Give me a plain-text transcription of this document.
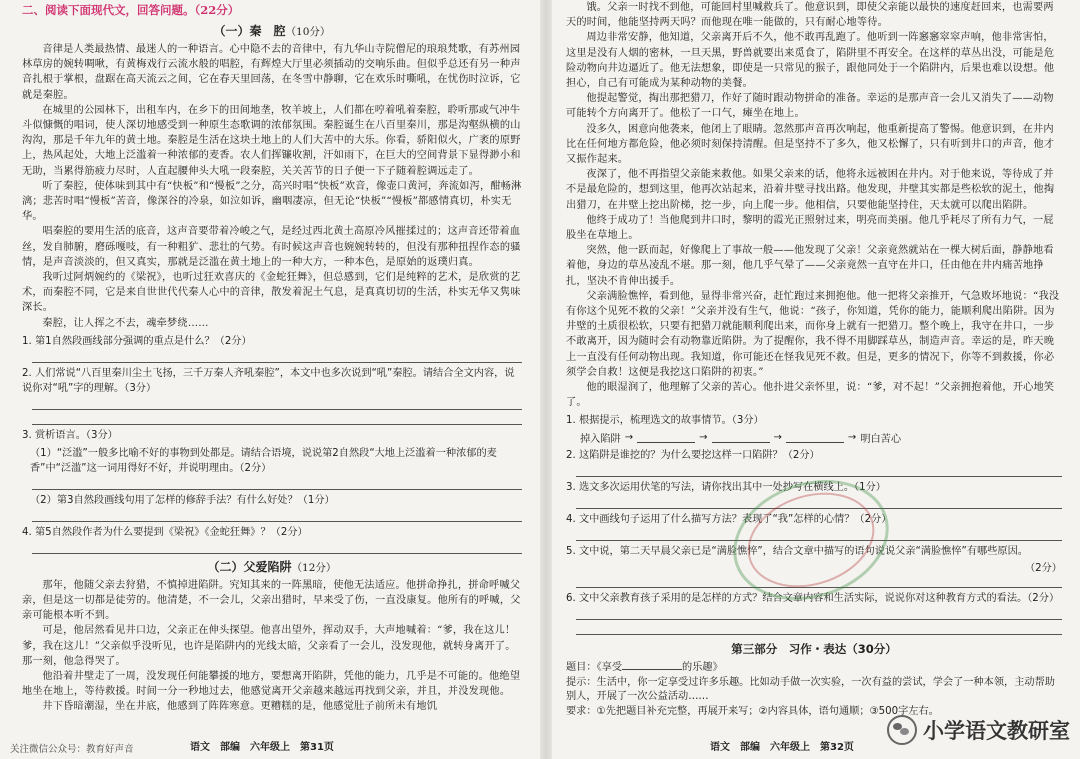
二、阅读下面现代文，回答问题。（22分）
（一）秦　腔（10分）

音律是人类最热情、最迷人的一种语言。心中隐不去的音律中，有九华山寺院僧尼的琅琅梵歌，有苏州园林草房的婉转啁啾，有黄梅戏行云流水般的唱腔，有辉煌大厅里必须插动的交响乐曲。但似乎总还有另一种声音扎根于掌根，盘踞在高天流云之间，它在春天里回荡，在冬雪中静聊，它在欢乐时嘶吼，在忧伤时泣诉，它就是秦腔。

在城里的公园林下，出租车内，在乡下的田间地垄，牧羊坡上，人们都在哼着吼着秦腔，聆听那或气冲牛斗似慷慨的唱词，使人深切地感受到一种原生态歌调的浓郁氛围。秦腔诞生在八百里秦川，那是沟壑纵横的山沟沟，那是千年九年的黄土地。秦腔是生活在这块土地上的人们大苦中的大乐。你看，骄阳似火，广袤的原野上，热风起处，大地上泛滥着一种浓郁的麦香。农人们挥镰收割，汗如雨下，在巨大的空间背景下显得渺小和无助，当累得筋疲力尽时，人直起腰伸头大吼一段秦腔，关关苦节的日子便一下子随着腔调远走了。

听了秦腔，使体味到其中有“快板”和“慢板”之分，高兴时唱“快板”欢音，像壶口黄河，奔流如泻，酣畅淋漓；悲苦时唱“慢板”苦音，像深谷的冷泉，如泣如诉，幽咽凄凉，但无论“快板”“慢板”都感情真切，朴实无华。

唱秦腔的要用生活的底音，这声音要带着冷峻之气，是经过西北黄土高原冷风摧揉过的；这声音还带着血丝，发自肺腑，磨砾嘎吱，有一种粗犷、悲壮的气势。有时候这声音也婉婉转转的，但没有那种扭捏作态的骚情，是声音淡淡的，但又真实，那就是泛滥在黄土地上的一种大方，一种本色，是原始的返璞归真。

我听过阿炳婉约的《梁祝》，也听过狂欢喜庆的《金蛇狂舞》，但总感到，它们是纯粹的艺术，是欣赏的艺术，而秦腔不同，它是来自世世代代秦人心中的音律，散发着泥土气息，是真真切切的生活，朴实无华又隽味深长。

秦腔，让人挥之不去，魂牵梦绕……

1. 第1自然段画线部分强调的重点是什么？（2分）
2. 人们常说“八百里秦川尘土飞扬，三千万秦人齐吼秦腔”，本文中也多次说到“吼”秦腔。请结合全文内容，说说你对“吼”字的理解。（3分）
3. 赏析语言。（3分）
（1）“泛滥”一般多比喻不好的事物到处都是。请结合语境，说说第2自然段“大地上泛滥着一种浓郁的麦香”中“泛滥”这一词用得好不好，并说明理由。（2分）
（2）第3自然段画线句用了怎样的修辞手法？有什么好处？（1分）
4. 第5自然段作者为什么要提到《梁祝》《金蛇狂舞》？（2分）
（二）父爱陷阱（12分）

那年，他随父亲去狩猎，不慎掉进陷阱。究知其来的一阵黑暗，使他无法适应。他拼命挣扎，拼命呼喊父亲，但是这一切都是徒劳的。他清楚，不一会儿，父亲出猎时，早来受了伤，一直没康复。他所有的呼喊，父亲可能根本听不到。

可是，他居然看见井口边，父亲正在伸头探望。他喜出望外，挥动双手，大声地喊着：“爹，我在这儿！爹，我在这儿！”父亲似乎没听见，也许是陷阱内的光线太暗，父亲看了一会儿，没发现他，就转身离开了。那一刻，他急得哭了。

他沿着井壁走了一周，没发现任何能攀援的地方，要想离开陷阱，凭他的能力，几乎是不可能的。他绝望地坐在地上，等待救援。时间一分一秒地过去，他感觉离开父亲越来越远再找到父亲，并且，并没发现他。

井下昏暗潮湿，坐在井底，他感到了阵阵寒意。更糟糕的是，他感觉肚子前所未有地饥

饿。父亲一时找不到他，可能回村里喊救兵了。他意识到，即使父亲能以最快的速度赶回来，也需要两天的时间，他能坚持两天吗？而他现在唯一能做的，只有耐心地等待。

周边非常安静，他知道，父亲离开后不久，他不敢再乱跑了。他听到一阵窸窸窣窣声响，他非常害怕，这里是没有人烟的密林，一旦天黑，野兽就要出来觅食了，陷阱里不再安全。在这样的草丛出没，可能是危险动物向井边逼近了。他无法想象，即使是一只常见的猴子，跟他同处于一个陷阱内，后果也难以设想。他担心，自己有可能成为某种动物的美餐。

他提起警觉，掏出那把猎刀，作好了随时跟动物拼命的准备。幸运的是那声音一会儿又消失了——动物可能转个方向离开了。他松了一口气，瘫坐在地上。

没多久，困意向他袭来，他闭上了眼睛。忽然那声音再次响起，他重新提高了警惕。他意识到，在井内比在任何地方都危险，他必须时刻保持清醒。但是坚持不了多久，他又松懈了，只有听到井口的声音，他才又振作起来。

夜深了，他不再指望父亲能来救他。如果父亲来的话，他将永远被困在井内。对于他来说，等待成了并不是最危险的，想到这里，他再次站起来，沿着井壁寻找出路。他发现，井壁其实都是些松软的泥土，他掏出猎刀，在井壁上挖出阶梯，挖一步，向上爬一步。他相信，只要他能坚持住，天太就可以爬出陷阱。

他终于成功了！当他爬到井口时，黎明的霞光正照射过来，明亮而美丽。他几乎耗尽了所有力气，一屁股坐在草地上。

突然，他一跃而起，好像爬上了事故一般——他发现了父亲！父亲竟然就站在一棵大树后面，静静地看着他，身边的草丛凌乱不堪。那一刻，他几乎气晕了——父亲竟然一直守在井口，任由他在井内痛苦地挣扎，坚决不肯伸出援手。

父亲满脸憔悴，看到他，显得非常兴奋，赶忙跑过来拥抱他。他一把将父亲推开，气急败坏地说：“我没有你这个见死不救的父亲！”父亲并没有生气，他说：“孩子，你知道，凭你的能力，能顺利爬出陷阱。因为井壁的土质很松软，只要有把猎刀就能顺利爬出来，而你身上就有一把猎刀。整个晚上，我守在井口，一步不敢离开，因为随时会有动物靠近陷阱。为了提醒你，我不得不用脚踩草丛，制造声音。幸运的是，昨天晚上一直没有任何动物出现。我知道，你可能还在怪我见死不救。但是，更多的情况下，你等不到救援，你必须学会自救！这便是我挖这口陷阱的初衷。”

他的眼湿润了，他理解了父亲的苦心。他扑进父亲怀里，说：“爹，对不起！”父亲拥抱着他，开心地笑了。

1. 根据提示，梳理选文的故事情节。（3分）
掉入陷阱 →	→	→	→ 明白苦心
2. 这陷阱是谁挖的？为什么要挖这样一口陷阱？（2分）
3. 选文多次运用伏笔的写法，请你找出其中一处抄写在横线上。（1分）
4. 文中画线句子运用了什么描写方法？表现了“我”怎样的心情？（2分）
5. 文中说，第二天早晨父亲已是“满脸憔悴”，结合文章中描写的语句说说父亲“满脸憔悴”有哪些原因。
（2分）
6. 文中父亲教育孩子采用的是怎样的方式？结合文章内容和生活实际，说说你对这种教育方式的看法。（2分）
第三部分　习作・表达（30分）
题目：《享受	的乐趣》
提示：生活中，你一定享受过许多乐趣。比如动手做一次实验，一次有益的尝试，学会了一种本领，主动帮助别人，开展了一次公益活动……
要求：①先把题目补充完整，再展开来写；②内容具体，语句通顺；③500字左右。
语文　部编　六年级上　第31页	语文　部编　六年级上　第32页
关注微信公众号：教育好声音
小学语文教研室
